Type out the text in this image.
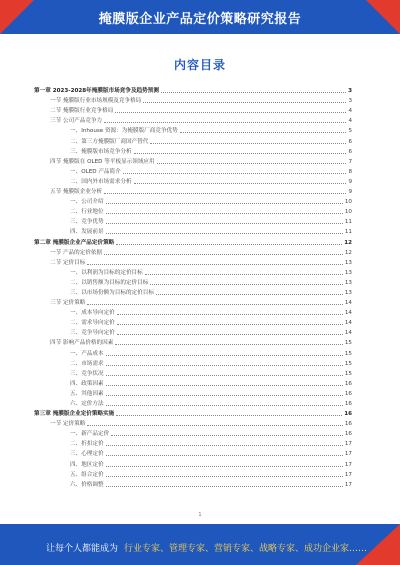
掩膜版企业产品定价策略研究报告
内容目录
第一章 2023-2028年掩膜版市场竞争及趋势预测	3
一节 掩膜版行业市场规模及竞争格局	3
二节 掩膜版行业竞争格局	4
三节 公司产品竞争力	4
一、Inhouse 资源：为掩膜版厂商竞争优势	5
二、第三方掩膜版厂商国产替代	6
三、掩膜版市场竞争分析	6
四节 掩膜版在 OLED 等平板显示领域应用	7
一、OLED 产品简介	8
二、国内外市场需求分析	9
五节 掩膜版企业分析	9
一、公司介绍	10
二、行业地位	10
三、竞争优势	11
四、发展前景	11
第二章 掩膜版企业产品定价策略	12
一节 产品的定价依据	12
二节 定价目标	13
一、以利润为目标的定价目标	13
二、以销售额为目标的定价目标	13
三、以市场份额为目标的定价目标	13
三节 定价策略	14
一、成本导向定价	14
二、需求导向定价	14
三、竞争导向定价	14
四节 影响产品价格的因素	15
一、产品成本	15
二、市场需求	15
三、竞争状况	15
四、政策因素	16
五、其他因素	16
六、定价方法	16
第三章 掩膜版企业定价策略实施	16
一节 定价策略	16
一、新产品定价	16
二、折扣定价	17
三、心理定价	17
四、地区定价	17
五、组合定价	17
六、价格调整	17
1
让每个人都能成为 行业专家、管理专家、营销专家、战略专家、成功企业家……
